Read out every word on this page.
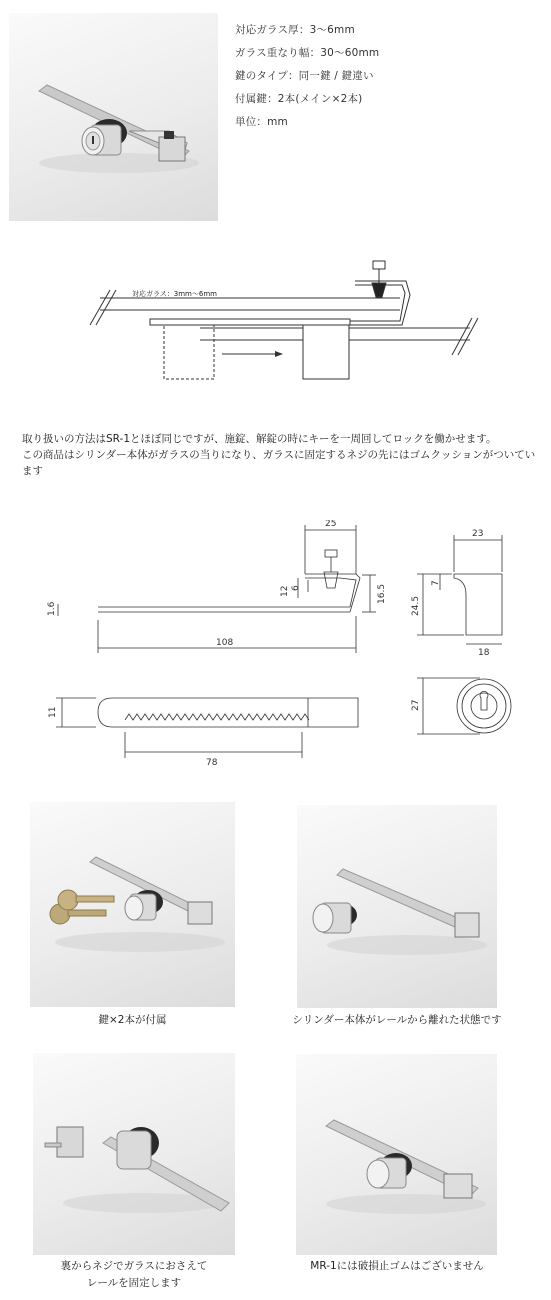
対応ガラス厚：3～6mm
ガラス重なり幅：30～60mm
鍵のタイプ：同一鍵 / 鍵違い
付属鍵：2本(メイン×2本)
単位：mm
対応ガラス：3mm～6mm
取り扱いの方法はSR-1とほぼ同じですが、施錠、解錠の時にキーを一周回してロックを働かせます。
この商品はシリンダー本体がガラスの当りになり、ガラスに固定するネジの先にはゴムクッションがついています
25
23
6
12	16.5
7
24.5
1.6
108
18
11
27
78
鍵×2本が付属	シリンダー本体がレールから離れた状態です
裏からネジでガラスにおさえて
レールを固定します
MR-1には破損止ゴムはございません
